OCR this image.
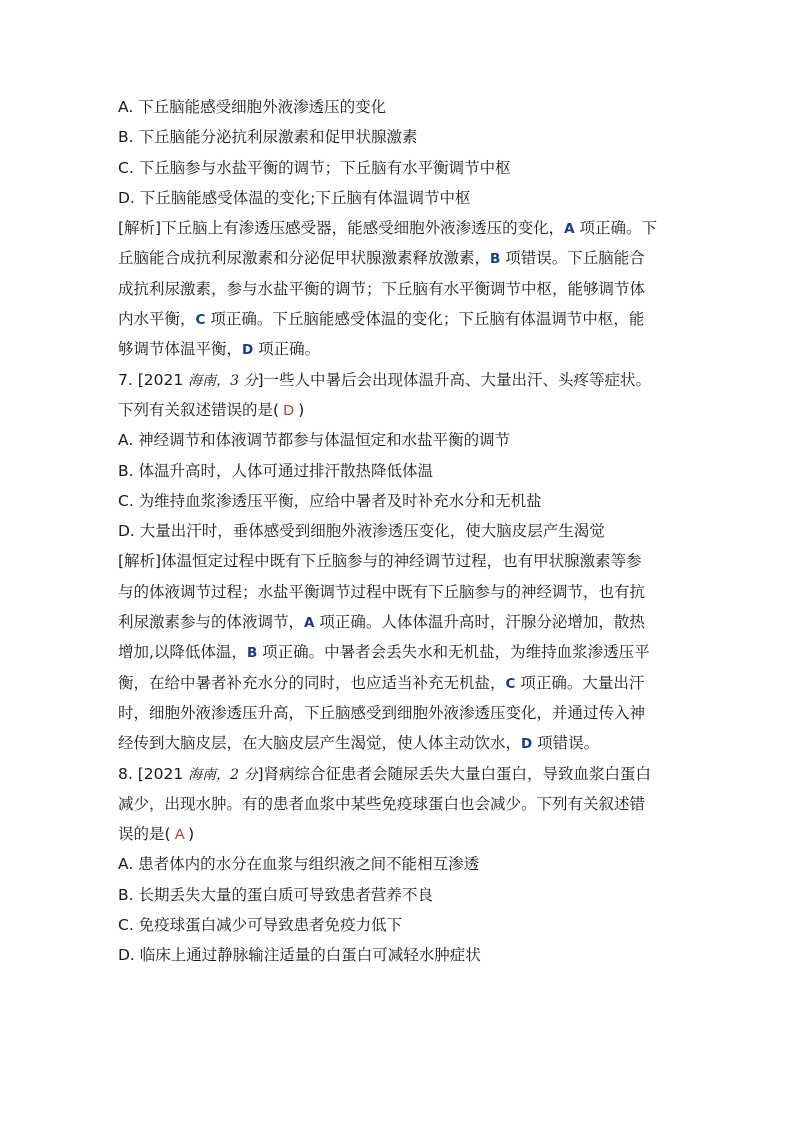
A. 下丘脑能感受细胞外液渗透压的变化
B. 下丘脑能分泌抗利尿激素和促甲状腺激素
C. 下丘脑参与水盐平衡的调节；下丘脑有水平衡调节中枢
D. 下丘脑能感受体温的变化;下丘脑有体温调节中枢
[解析]下丘脑上有渗透压感受器，能感受细胞外液渗透压的变化，A 项正确。下
丘脑能合成抗利尿激素和分泌促甲状腺激素释放激素，B 项错误。下丘脑能合
成抗利尿激素，参与水盐平衡的调节；下丘脑有水平衡调节中枢，能够调节体
内水平衡，C 项正确。下丘脑能感受体温的变化；下丘脑有体温调节中枢，能
够调节体温平衡，D 项正确。
7. [2021 海南，3 分]一些人中暑后会出现体温升高、大量出汗、头疼等症状。
下列有关叙述错误的是( D )
A. 神经调节和体液调节都参与体温恒定和水盐平衡的调节
B. 体温升高时，人体可通过排汗散热降低体温
C. 为维持血浆渗透压平衡，应给中暑者及时补充水分和无机盐
D. 大量出汗时，垂体感受到细胞外液渗透压变化，使大脑皮层产生渴觉
[解析]体温恒定过程中既有下丘脑参与的神经调节过程，也有甲状腺激素等参
与的体液调节过程；水盐平衡调节过程中既有下丘脑参与的神经调节，也有抗
利尿激素参与的体液调节，A 项正确。人体体温升高时，汗腺分泌增加，散热
增加,以降低体温，B 项正确。中暑者会丢失水和无机盐，为维持血浆渗透压平
衡，在给中暑者补充水分的同时，也应适当补充无机盐，C 项正确。大量出汗
时，细胞外液渗透压升高，下丘脑感受到细胞外液渗透压变化，并通过传入神
经传到大脑皮层，在大脑皮层产生渴觉，使人体主动饮水，D 项错误。
8. [2021 海南，2 分]肾病综合征患者会随尿丢失大量白蛋白，导致血浆白蛋白
减少，出现水肿。有的患者血浆中某些免疫球蛋白也会减少。下列有关叙述错
误的是( A )
A. 患者体内的水分在血浆与组织液之间不能相互渗透
B. 长期丢失大量的蛋白质可导致患者营养不良
C. 免疫球蛋白减少可导致患者免疫力低下
D. 临床上通过静脉输注适量的白蛋白可减轻水肿症状
